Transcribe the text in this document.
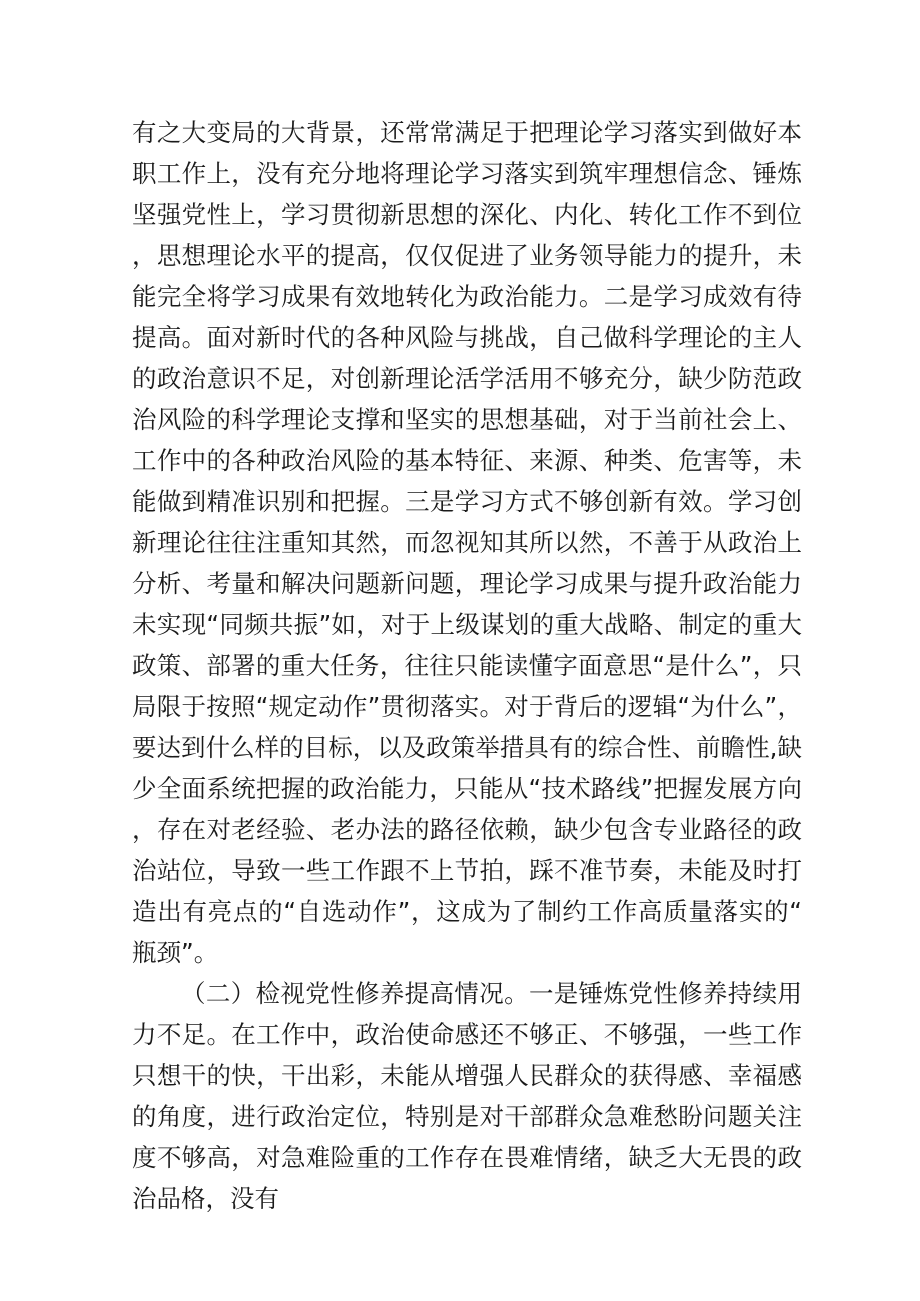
有之大变局的大背景，还常常满足于把理论学习落实到做好本职工作上，没有充分地将理论学习落实到筑牢理想信念、锤炼坚强党性上，学习贯彻新思想的深化、内化、转化工作不到位，思想理论水平的提高，仅仅促进了业务领导能力的提升，未能完全将学习成果有效地转化为政治能力。二是学习成效有待提高。面对新时代的各种风险与挑战，自己做科学理论的主人的政治意识不足，对创新理论活学活用不够充分，缺少防范政治风险的科学理论支撑和坚实的思想基础，对于当前社会上、工作中的各种政治风险的基本特征、来源、种类、危害等，未能做到精准识别和把握。三是学习方式不够创新有效。学习创新理论往往注重知其然，而忽视知其所以然，不善于从政治上分析、考量和解决问题新问题，理论学习成果与提升政治能力未实现“同频共振”如，对于上级谋划的重大战略、制定的重大政策、部署的重大任务，往往只能读懂字面意思“是什么”，只局限于按照“规定动作”贯彻落实。对于背后的逻辑“为什么”，要达到什么样的目标，以及政策举措具有的综合性、前瞻性,缺少全面系统把握的政治能力，只能从“技术路线”把握发展方向，存在对老经验、老办法的路径依赖，缺少包含专业路径的政治站位，导致一些工作跟不上节拍，踩不准节奏，未能及时打造出有亮点的“自选动作”，这成为了制约工作高质量落实的“瓶颈”。

（二）检视党性修养提高情况。一是锤炼党性修养持续用力不足。在工作中，政治使命感还不够正、不够强，一些工作只想干的快，干出彩，未能从增强人民群众的获得感、幸福感的角度，进行政治定位，特别是对干部群众急难愁盼问题关注度不够高，对急难险重的工作存在畏难情绪，缺乏大无畏的政治品格，没有
